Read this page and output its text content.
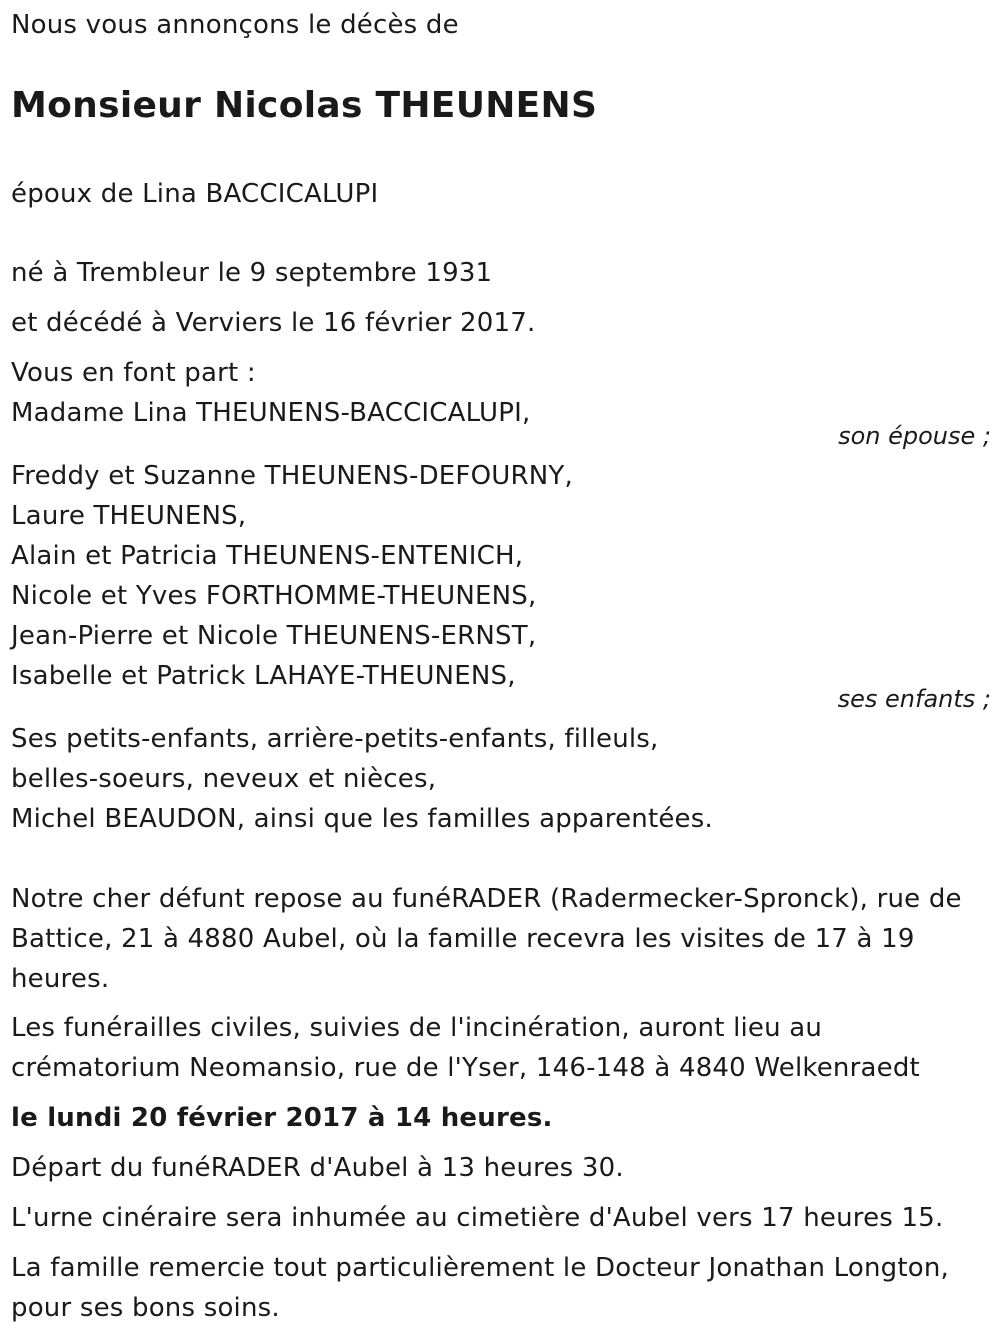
Nous vous annonçons le décès de
Monsieur Nicolas THEUNENS
époux de Lina BACCICALUPI
né à Trembleur le 9 septembre 1931
et décédé à Verviers le 16 février 2017.
Vous en font part :
Madame Lina THEUNENS-BACCICALUPI,
son épouse ;
Freddy et Suzanne THEUNENS-DEFOURNY,
Laure THEUNENS,
Alain et Patricia THEUNENS-ENTENICH,
Nicole et Yves FORTHOMME-THEUNENS,
Jean-Pierre et Nicole THEUNENS-ERNST,
Isabelle et Patrick LAHAYE-THEUNENS,
ses enfants ;
Ses petits-enfants, arrière-petits-enfants, filleuls,
belles-soeurs, neveux et nièces,
Michel BEAUDON, ainsi que les familles apparentées.
Notre cher défunt repose au funéRADER (Radermecker-Spronck), rue de
Battice, 21 à 4880 Aubel, où la famille recevra les visites de 17 à 19
heures.
Les funérailles civiles, suivies de l'incinération, auront lieu au
crématorium Neomansio, rue de l'Yser, 146-148 à 4840 Welkenraedt
le lundi 20 février 2017 à 14 heures.
Départ du funéRADER d'Aubel à 13 heures 30.
L'urne cinéraire sera inhumée au cimetière d'Aubel vers 17 heures 15.
La famille remercie tout particulièrement le Docteur Jonathan Longton,
pour ses bons soins.
